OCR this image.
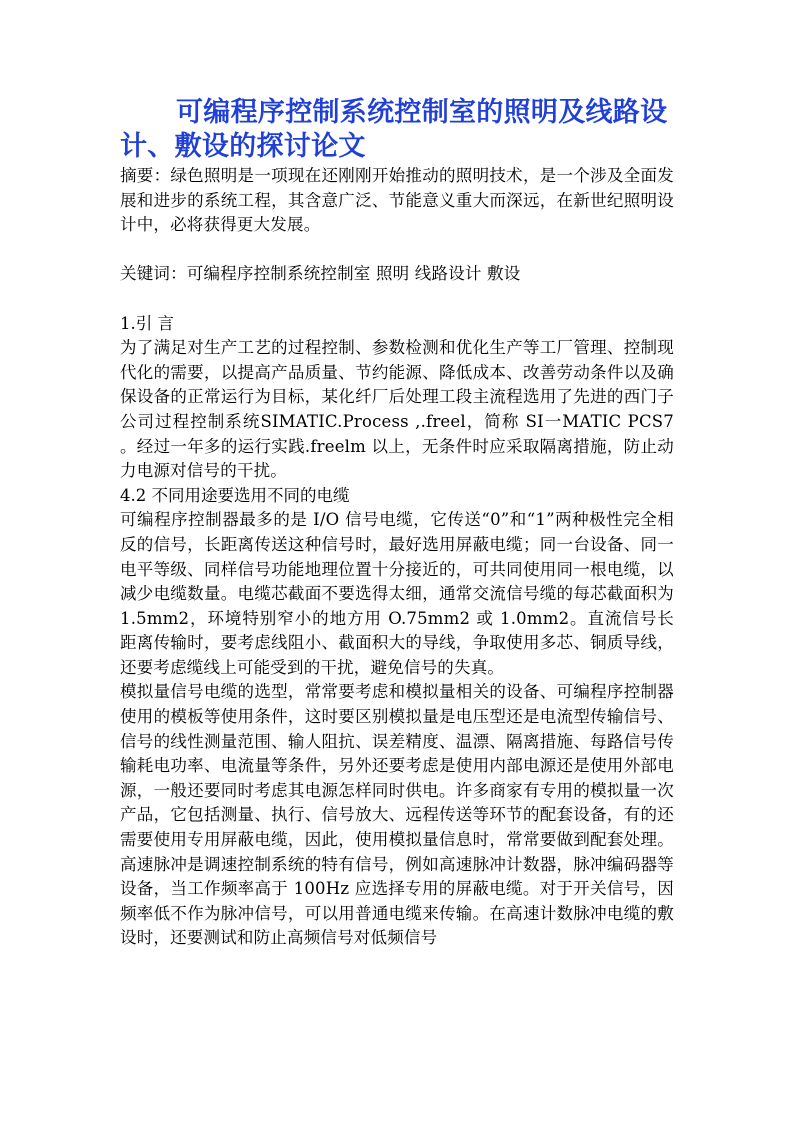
可编程序控制系统控制室的照明及线路设计、敷设的探讨论文

摘要：绿色照明是一项现在还刚刚开始推动的照明技术，是一个涉及全面发展和进步的系统工程，其含意广泛、节能意义重大而深远，在新世纪照明设计中，必将获得更大发展。

关键词：可编程序控制系统控制室 照明 线路设计 敷设

1.引 言

为了满足对生产工艺的过程控制、参数检测和优化生产等工厂管理、控制现代化的需要，以提高产品质量、节约能源、降低成本、改善劳动条件以及确保设备的正常运行为目标，某化纤厂后处理工段主流程选用了先进的西门子公司过程控制系统SIMATIC.Process ,.freel，简称 SI一MATIC PCS7 。经过一年多的运行实践.freelm 以上，无条件时应采取隔离措施，防止动力电源对信号的干扰。

4.2 不同用途要选用不同的电缆

可编程序控制器最多的是 I/O 信号电缆，它传送“0”和“1”两种极性完全相反的信号，长距离传送这种信号时，最好选用屏蔽电缆；同一台设备、同一电平等级、同样信号功能地理位置十分接近的，可共同使用同一根电缆，以减少电缆数量。电缆芯截面不要选得太细，通常交流信号缆的每芯截面积为 1.5mm2，环境特别窄小的地方用 O.75mm2 或 1.0mm2。直流信号长距离传输时，要考虑线阻小、截面积大的导线，争取使用多芯、铜质导线，还要考虑缆线上可能受到的干扰，避免信号的失真。

模拟量信号电缆的选型，常常要考虑和模拟量相关的设备、可编程序控制器使用的模板等使用条件，这时要区别模拟量是电压型还是电流型传输信号、信号的线性测量范围、输人阻抗、误差精度、温漂、隔离措施、每路信号传输耗电功率、电流量等条件，另外还要考虑是使用内部电源还是使用外部电源，一般还要同时考虑其电源怎样同时供电。许多商家有专用的模拟量一次产品，它包括测量、执行、信号放大、远程传送等环节的配套设备，有的还需要使用专用屏蔽电缆，因此，使用模拟量信息时，常常要做到配套处理。高速脉冲是调速控制系统的特有信号，例如高速脉冲计数器，脉冲编码器等设备，当工作频率高于 100Hz 应选择专用的屏蔽电缆。对于开关信号，因频率低不作为脉冲信号，可以用普通电缆来传输。在高速计数脉冲电缆的敷设时，还要测试和防止高频信号对低频信号
